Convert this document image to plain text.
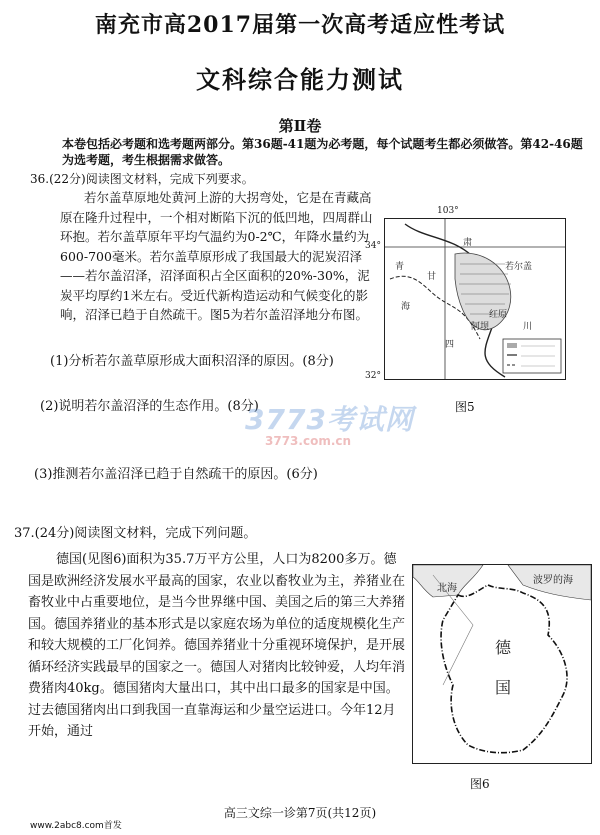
南充市高2017届第一次高考适应性考试
文科综合能力测试
第Ⅱ卷
本卷包括必考题和选考题两部分。第36题-41题为必考题，每个试题考生都必须做答。第42-46题为选考题，考生根据需求做答。
36.(22分)阅读图文材料，完成下列要求。
若尔盖草原地处黄河上游的大拐弯处，它是在青藏高原在隆升过程中，一个相对断陷下沉的低凹地，四周群山环抱。若尔盖草原年平均气温约为0-2℃，年降水量约为600-700毫米。若尔盖草原形成了我国最大的泥炭沼泽——若尔盖沼泽，沼泽面积占全区面积的20%-30%，泥炭平均厚约1米左右。受近代新构造运动和气候变化的影响，沼泽已趋于自然疏干。图5为若尔盖沼泽地分布图。
(1)分析若尔盖草原形成大面积沼泽的原因。(8分)
(2)说明若尔盖沼泽的生态作用。(8分)
(3)推测若尔盖沼泽已趋于自然疏干的原因。(6分)
103°
34°
32°
甘
肃
青
海
四
川
红原
若尔盖
阿坝
图5
3773考试网
3773.com.cn
37.(24分)阅读图文材料，完成下列问题。
德国(见图6)面积为35.7万平方公里，人口为8200多万。德国是欧洲经济发展水平最高的国家，农业以畜牧业为主，养猪业在畜牧业中占重要地位，是当今世界继中国、美国之后的第三大养猪国。德国养猪业的基本形式是以家庭农场为单位的适度规模化生产和较大规模的工厂化饲养。德国养猪业十分重视环境保护，是开展循环经济实践最早的国家之一。德国人对猪肉比较钟爱，人均年消费猪肉40kg。德国猪肉大量出口，其中出口最多的国家是中国。过去德国猪肉出口到我国一直靠海运和少量空运进口。今年12月开始，通过
北海
波罗的海
德
国
图6
高三文综一诊第7页(共12页)
www.2abc8.com首发
